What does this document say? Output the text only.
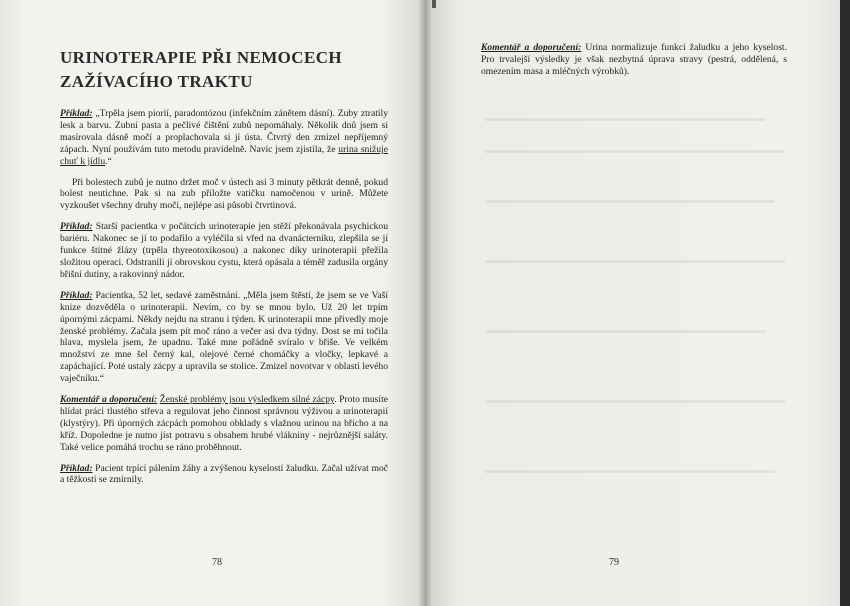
URINOTERAPIE PŘI NEMOCECH
ZAŽÍVACÍHO TRAKTU

Příklad: „Trpěla jsem piorií, paradontózou (infekčním zánětem dásní). Zuby ztratily lesk a barvu. Zubní pasta a pečlivé čištění zubů nepomáhaly. Několik dnů jsem si masírovala dásně močí a proplachovala si jí ústa. Čtvrtý den zmizel nepříjemný zápach. Nyní používám tuto metodu pravidelně. Navíc jsem zjistila, že urina snižuje chuť k jídlu.“

Při bolestech zubů je nutno držet moč v ústech asi 3 minuty pětkrát denně, pokud bolest neutichne. Pak si na zub přiložte vatičku namočenou v urině. Můžete vyzkoušet všechny druhy močí, nejlépe asi působí čtvrtinová.

Příklad: Starší pacientka v počátcích urinoterapie jen stěží překonávala psychickou bariéru. Nakonec se jí to podařilo a vyléčila si vřed na dvanácterníku, zlepšila se jí funkce štítné žlázy (trpěla thyreotoxikosou) a nakonec díky urinoterapii přežila složitou operaci. Odstranili jí obrovskou cystu, která opásala a téměř zadusila orgány břišní dutiny, a rakovinný nádor.

Příklad: Pacientka, 52 let, sedavé zaměstnání. „Měla jsem štěstí, že jsem se ve Vaší knize dozvěděla o urinoterapii. Nevím, co by se mnou bylo. Už 20 let trpím úpornými zácpami. Někdy nejdu na stranu i týden. K urinoterapii mne přivedly moje ženské problémy. Začala jsem pít moč ráno a večer asi dva týdny. Dost se mi točila hlava, myslela jsem, že upadnu. Také mne pořádně svíralo v břiše. Ve velkém množství ze mne šel černý kal, olejové černé chomáčky a vločky, lepkavé a zapáchající. Poté ustaly zácpy a upravila se stolice. Zmizel novotvar v oblasti levého vaječníku.“

Komentář a doporučení: Ženské problémy jsou výsledkem silné zácpy. Proto musíte hlídat práci tlustého střeva a regulovat jeho činnost správnou výživou a urinoterapií (klystýry). Při úporných zácpách pomohou obklady s vlažnou urinou na břicho a na kříž. Dopoledne je nutno jíst potravu s obsahem hrubé vlákniny - nejrůznější saláty. Také velice pomáhá trochu se ráno proběhnout.

Příklad: Pacient trpící pálením žáhy a zvýšenou kyselostí žaludku. Začal užívat moč a těžkosti se zmírnily.

78

Komentář a doporučení: Urina normalizuje funkci žaludku a jeho kyselost. Pro trvalejší výsledky je však nezbytná úprava stravy (pestrá, oddělená, s omezením masa a mléčných výrobků).

79
